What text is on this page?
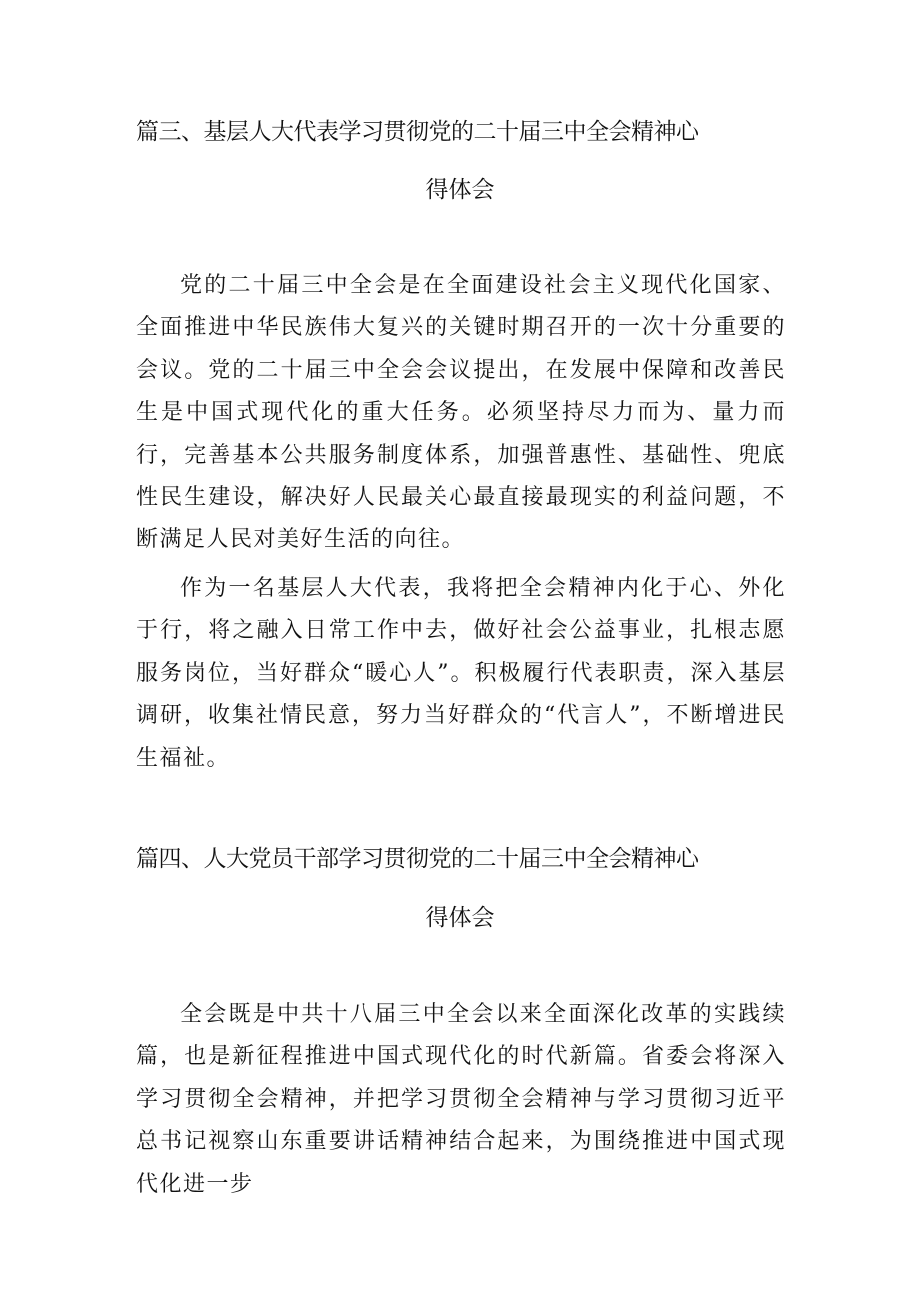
篇三、基层人大代表学习贯彻党的二十届三中全会精神心
得体会

党的二十届三中全会是在全面建设社会主义现代化国家、全面推进中华民族伟大复兴的关键时期召开的一次十分重要的会议。党的二十届三中全会会议提出，在发展中保障和改善民生是中国式现代化的重大任务。必须坚持尽力而为、量力而行，完善基本公共服务制度体系，加强普惠性、基础性、兜底性民生建设，解决好人民最关心最直接最现实的利益问题，不断满足人民对美好生活的向往。

作为一名基层人大代表，我将把全会精神内化于心、外化于行，将之融入日常工作中去，做好社会公益事业，扎根志愿服务岗位，当好群众“暖心人”。积极履行代表职责，深入基层调研，收集社情民意，努力当好群众的“代言人”，不断增进民生福祉。

篇四、人大党员干部学习贯彻党的二十届三中全会精神心
得体会

全会既是中共十八届三中全会以来全面深化改革的实践续篇，也是新征程推进中国式现代化的时代新篇。省委会将深入学习贯彻全会精神，并把学习贯彻全会精神与学习贯彻习近平总书记视察山东重要讲话精神结合起来，为围绕推进中国式现代化进一步
